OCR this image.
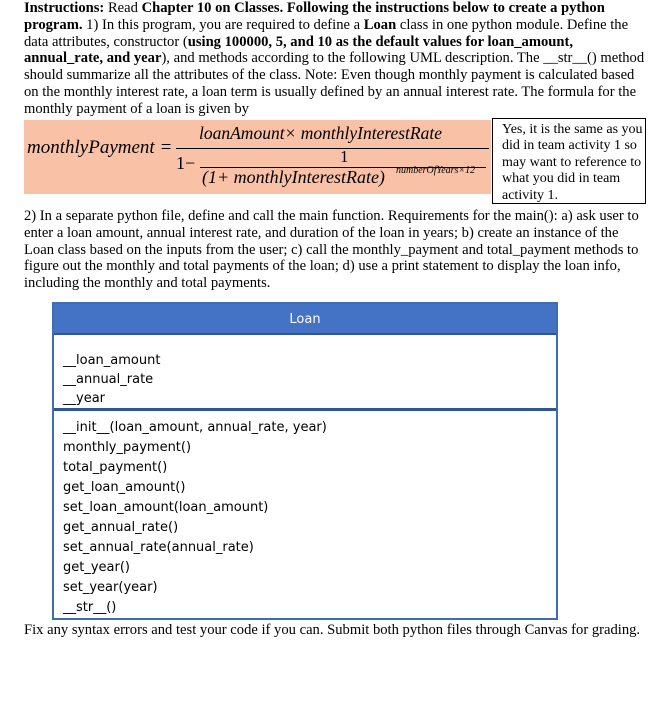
Instructions: Read Chapter 10 on Classes. Following the instructions below to create a python program. 1) In this program, you are required to define a Loan class in one python module. Define the data attributes, constructor (using 100000, 5, and 10 as the default values for loan_amount, annual_rate, and year), and methods according to the following UML description. The __str__() method should summarize all the attributes of the class. Note: Even though monthly payment is calculated based on the monthly interest rate, a loan term is usually defined by an annual interest rate. The formula for the monthly payment of a loan is given by
monthlyPayment =
loanAmount× monthlyInterestRate
1−	1
(1+ monthlyInterestRate) numberOfYears×12
Yes, it is the same as you did in team activity 1 so may want to reference to what you did in team activity 1.
2) In a separate python file, define and call the main function. Requirements for the main(): a) ask user to enter a loan amount, annual interest rate, and duration of the loan in years; b) create an instance of the Loan class based on the inputs from the user; c) call the monthly_payment and total_payment methods to figure out the monthly and total payments of the loan; d) use a print statement to display the loan info, including the monthly and total payments.
Loan
__loan_amount
__annual_rate
__year
__init__(loan_amount, annual_rate, year)
monthly_payment()
total_payment()
get_loan_amount()
set_loan_amount(loan_amount)
get_annual_rate()
set_annual_rate(annual_rate)
get_year()
set_year(year)
__str__()
Fix any syntax errors and test your code if you can. Submit both python files through Canvas for grading.
